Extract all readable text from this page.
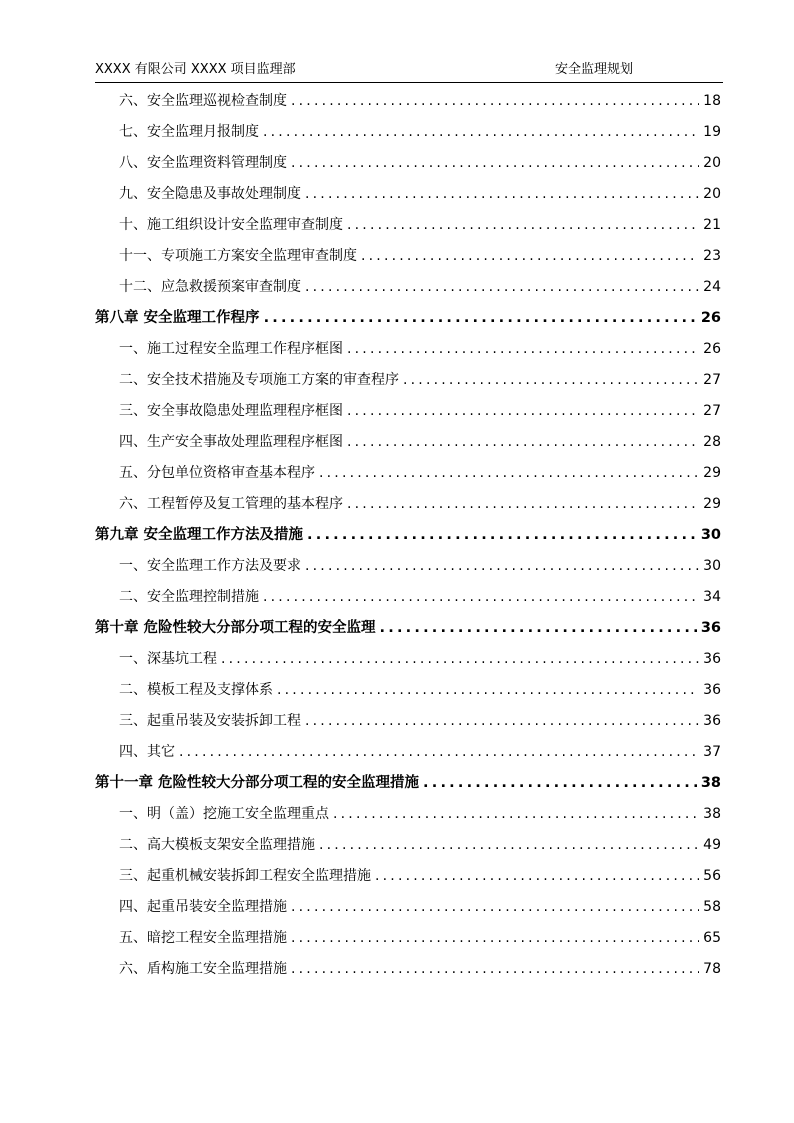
XXXX 有限公司 XXXX 项目监理部	安全监理规划
六、安全监理巡视检查制度 .....	18
七、安全监理月报制度 .....	19
八、安全监理资料管理制度 .....	20
九、安全隐患及事故处理制度 .....	20
十、施工组织设计安全监理审查制度 .....	21
十一、专项施工方案安全监理审查制度 .....	23
十二、应急救援预案审查制度 .....	24
第八章 安全监理工作程序 .....	26
一、施工过程安全监理工作程序框图 .....	26
二、安全技术措施及专项施工方案的审查程序 .....	27
三、安全事故隐患处理监理程序框图 .....	27
四、生产安全事故处理监理程序框图 .....	28
五、分包单位资格审查基本程序 .....	29
六、工程暂停及复工管理的基本程序 .....	29
第九章 安全监理工作方法及措施 .....	30
一、安全监理工作方法及要求 .....	30
二、安全监理控制措施 .....	34
第十章 危险性较大分部分项工程的安全监理 .....	36
一、深基坑工程 .....	36
二、模板工程及支撑体系 .....	36
三、起重吊装及安装拆卸工程 .....	36
四、其它 .....	37
第十一章 危险性较大分部分项工程的安全监理措施 .....	38
一、明（盖）挖施工安全监理重点 .....	38
二、高大模板支架安全监理措施 .....	49
三、起重机械安装拆卸工程安全监理措施 .....	56
四、起重吊装安全监理措施 .....	58
五、暗挖工程安全监理措施 .....	65
六、盾构施工安全监理措施 .....	78
